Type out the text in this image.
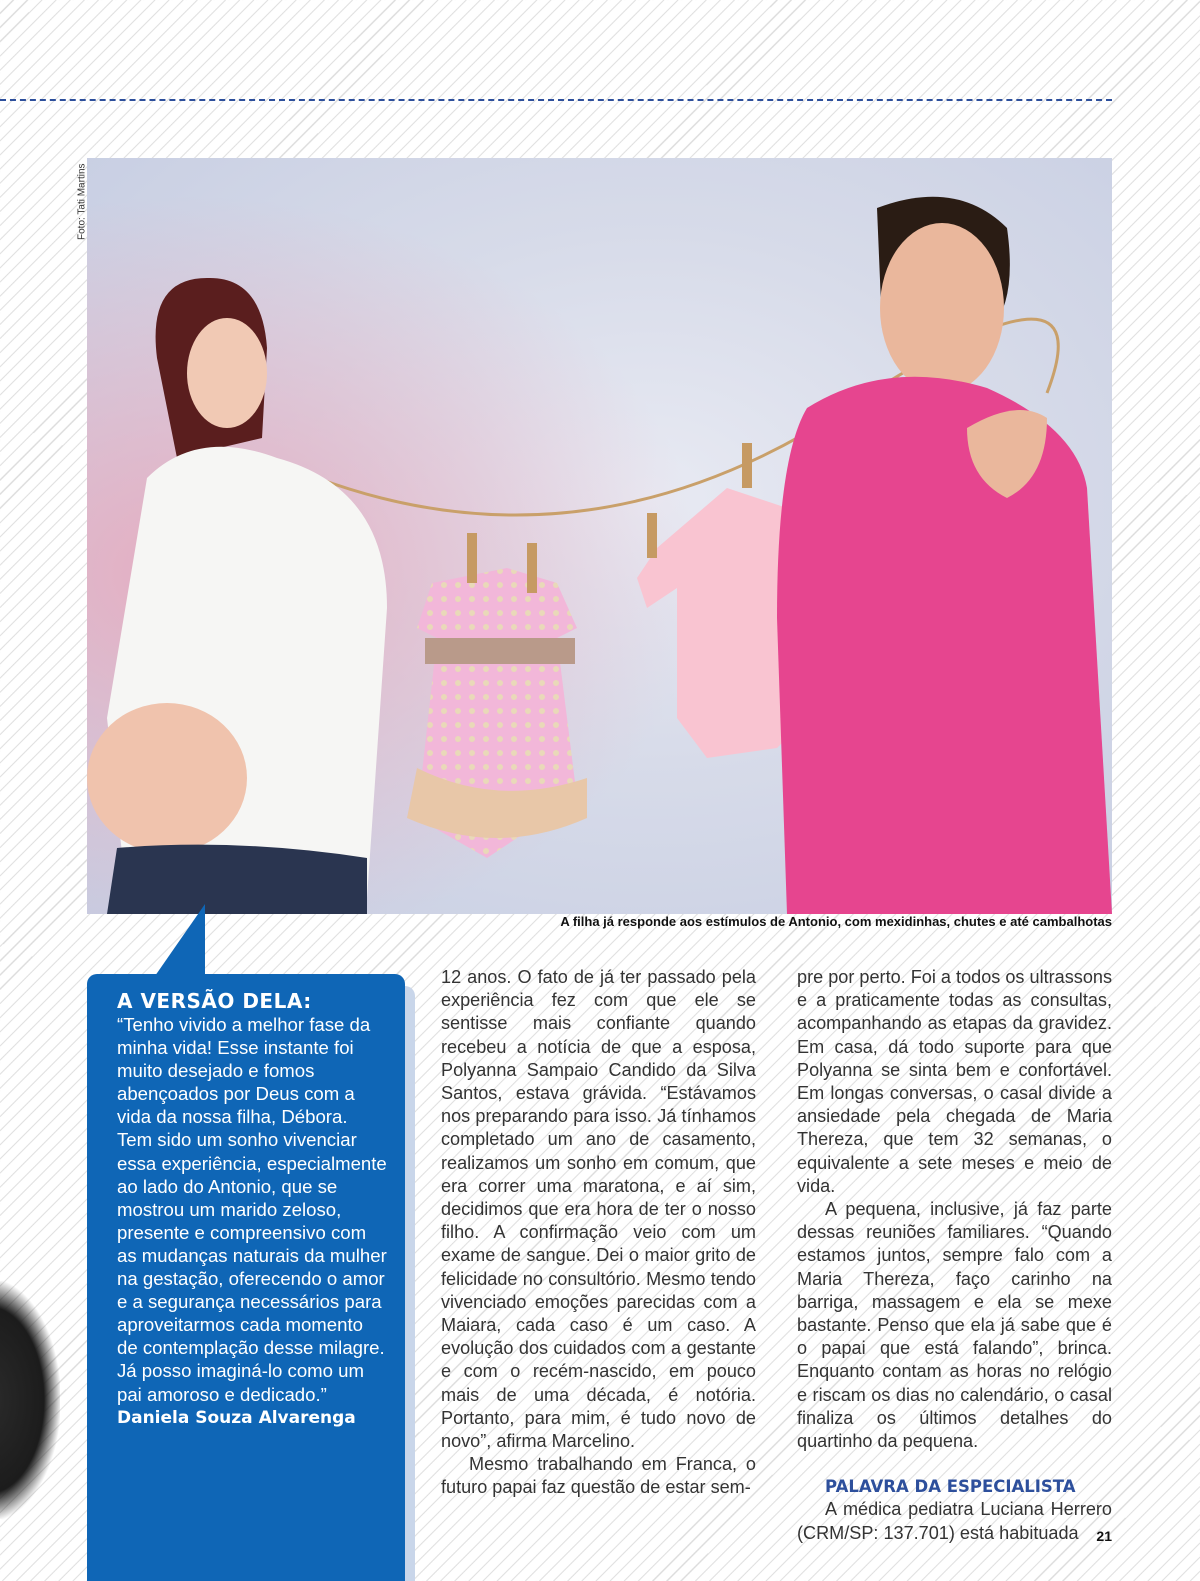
Foto: Tati Martins
A filha já responde aos estímulos de Antonio, com mexidinhas, chutes e até cambalhotas
A VERSÃO DELA:
“Tenho vivido a melhor fase da minha vida! Esse instante foi muito desejado e fomos abençoados por Deus com a vida da nossa filha, Débora. Tem sido um sonho vivenciar essa experiência, especialmente ao lado do Antonio, que se mostrou um marido zeloso, presente e compreensivo com as mudanças naturais da mulher na gestação, oferecendo o amor e a segurança necessários para aproveitarmos cada momento de contemplação desse milagre. Já posso imaginá-lo como um pai amoroso e dedicado.”
Daniela Souza Alvarenga

12 anos. O fato de já ter passado pela experiência fez com que ele se sentisse mais confiante quando recebeu a notícia de que a esposa, Polyanna Sampaio Candido da Silva Santos, estava grávida. “Estávamos nos preparando para isso. Já tínhamos completado um ano de casamento, realizamos um sonho em comum, que era correr uma maratona, e aí sim, decidimos que era hora de ter o nosso filho. A confirmação veio com um exame de sangue. Dei o maior grito de felicidade no consultório. Mesmo tendo vivenciado emoções parecidas com a Maiara, cada caso é um caso. A evolução dos cuidados com a gestante e com o recém-nascido, em pouco mais de uma década, é notória. Portanto, para mim, é tudo novo de novo”, afirma Marcelino.

Mesmo trabalhando em Franca, o futuro papai faz questão de estar sem-

pre por perto. Foi a todos os ultrassons e a praticamente todas as consultas, acompanhando as etapas da gravidez. Em casa, dá todo suporte para que Polyanna se sinta bem e confortável. Em longas conversas, o casal divide a ansiedade pela chegada de Maria Thereza, que tem 32 semanas, o equivalente a sete meses e meio de vida.

A pequena, inclusive, já faz parte dessas reuniões familiares. “Quando estamos juntos, sempre falo com a Maria Thereza, faço carinho na barriga, massagem e ela se mexe bastante. Penso que ela já sabe que é o papai que está falando”, brinca. Enquanto contam as horas no relógio e riscam os dias no calendário, o casal finaliza os últimos detalhes do quartinho da pequena.

PALAVRA DA ESPECIALISTA

A médica pediatra Luciana Herrero (CRM/SP: 137.701) está habituada	21
